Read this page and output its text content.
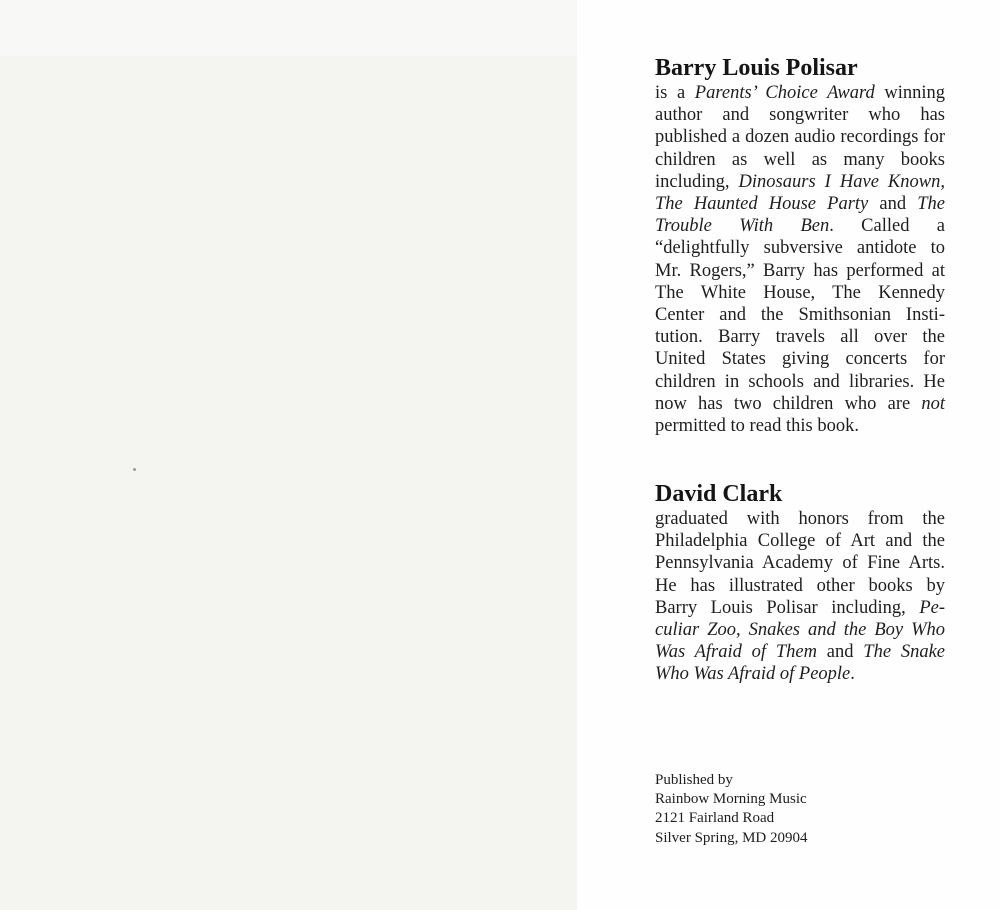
Barry Louis Polisar

is a Parents’ Choice Award winning author and songwriter who has published a dozen audio recordings for children as well as many books including, Dinosaurs I Have Known, The Haunted House Party and The Trouble With Ben. Called a “delightfully subversive antidote to Mr. Rogers,” Barry has performed at The White House, The Kennedy Center and the Smithsonian Institution. Barry travels all over the United States giving concerts for children in schools and libraries. He now has two children who are not permitted to read this book.

David Clark

graduated with honors from the Philadelphia College of Art and the Pennsylvania Academy of Fine Arts. He has illustrated other books by Barry Louis Polisar including, Peculiar Zoo, Snakes and the Boy Who Was Afraid of Them and The Snake Who Was Afraid of People.

Published by
Rainbow Morning Music
2121 Fairland Road
Silver Spring, MD 20904
